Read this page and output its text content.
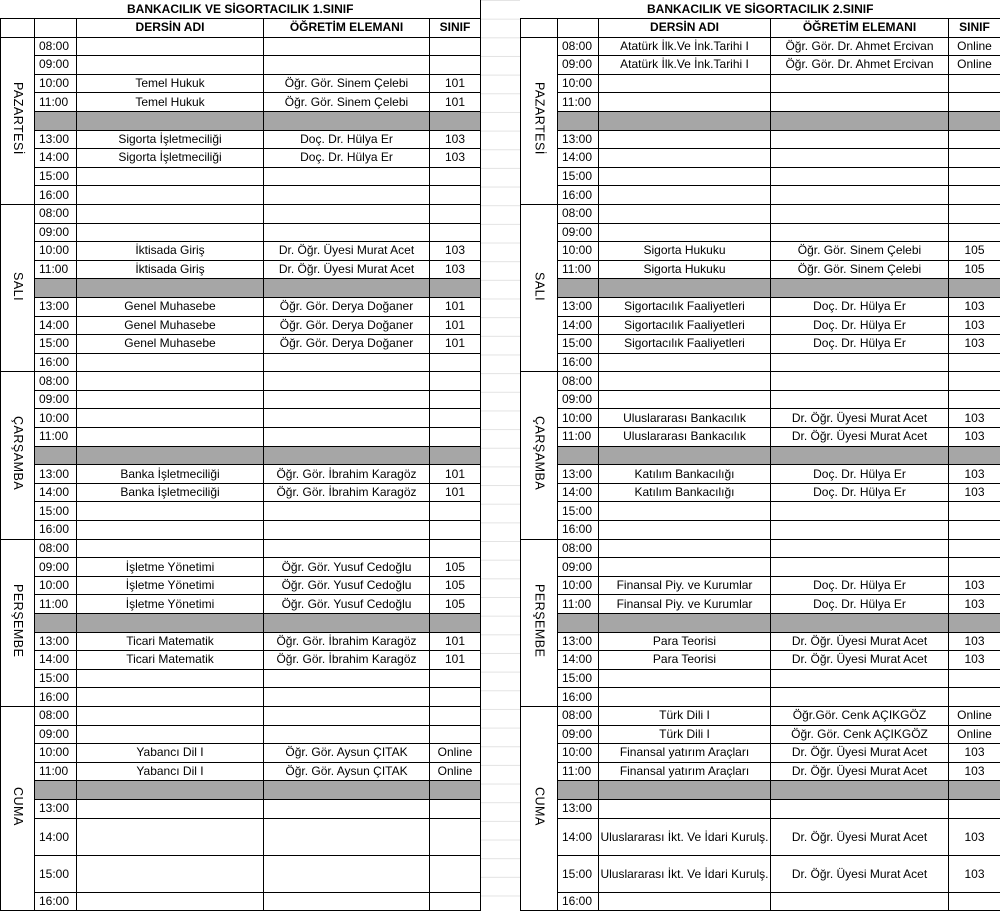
BANKACILIK VE SİGORTACILIK 1.SINIF				
		DERSİN ADI	ÖĞRETİM ELEMANI	SINIF
PAZARTESİ	08:00			
	09:00			
	10:00	Temel Hukuk	Öğr. Gör. Sinem Çelebi	101
	11:00	Temel Hukuk	Öğr. Gör. Sinem Çelebi	101

	13:00	Sigorta İşletmeciliği	Doç. Dr. Hülya Er	103
	14:00	Sigorta İşletmeciliği	Doç. Dr. Hülya Er	103
	15:00			
	16:00			
SALI	08:00			
	09:00			
	10:00	İktisada Giriş	Dr. Öğr. Üyesi Murat Acet	103
	11:00	İktisada Giriş	Dr. Öğr. Üyesi Murat Acet	103

	13:00	Genel Muhasebe	Öğr. Gör. Derya Doğaner	101
	14:00	Genel Muhasebe	Öğr. Gör. Derya Doğaner	101
	15:00	Genel Muhasebe	Öğr. Gör. Derya Doğaner	101
	16:00			
ÇARŞAMBA	08:00			
	09:00			
	10:00			
	11:00			

	13:00	Banka İşletmeciliği	Öğr. Gör. İbrahim Karagöz	101
	14:00	Banka İşletmeciliği	Öğr. Gör. İbrahim Karagöz	101
	15:00			
	16:00			
PERŞEMBE	08:00			
	09:00	İşletme Yönetimi	Öğr. Gör. Yusuf Cedoğlu	105
	10:00	İşletme Yönetimi	Öğr. Gör. Yusuf Cedoğlu	105
	11:00	İşletme Yönetimi	Öğr. Gör. Yusuf Cedoğlu	105

	13:00	Ticari Matematik	Öğr. Gör. İbrahim Karagöz	101
	14:00	Ticari Matematik	Öğr. Gör. İbrahim Karagöz	101
	15:00			
	16:00			
CUMA	08:00			
	09:00			
	10:00	Yabancı Dil I	Öğr. Gör. Aysun ÇITAK	Online
	11:00	Yabancı Dil I	Öğr. Gör. Aysun ÇITAK	Online

	13:00			
	14:00			
	15:00			
	16:00			
BANKACILIK VE SİGORTACILIK 2.SINIF				
		DERSİN ADI	ÖĞRETİM ELEMANI	SINIF
PAZARTESİ	08:00	Atatürk İlk.Ve İnk.Tarihi I	Öğr. Gör. Dr. Ahmet Ercivan	Online
	09:00	Atatürk İlk.Ve İnk.Tarihi I	Öğr. Gör. Dr. Ahmet Ercivan	Online
	10:00			
	11:00			

	13:00			
	14:00			
	15:00			
	16:00			
SALI	08:00			
	09:00			
	10:00	Sigorta Hukuku	Öğr. Gör. Sinem Çelebi	105
	11:00	Sigorta Hukuku	Öğr. Gör. Sinem Çelebi	105

	13:00	Sigortacılık Faaliyetleri	Doç. Dr. Hülya Er	103
	14:00	Sigortacılık Faaliyetleri	Doç. Dr. Hülya Er	103
	15:00	Sigortacılık Faaliyetleri	Doç. Dr. Hülya Er	103
	16:00			
ÇARŞAMBA	08:00			
	09:00			
	10:00	Uluslararası Bankacılık	Dr. Öğr. Üyesi Murat Acet	103
	11:00	Uluslararası Bankacılık	Dr. Öğr. Üyesi Murat Acet	103

	13:00	Katılım Bankacılığı	Doç. Dr. Hülya Er	103
	14:00	Katılım Bankacılığı	Doç. Dr. Hülya Er	103
	15:00			
	16:00			
PERŞEMBE	08:00			
	09:00			
	10:00	Finansal Piy. ve Kurumlar	Doç. Dr. Hülya Er	103
	11:00	Finansal Piy. ve Kurumlar	Doç. Dr. Hülya Er	103

	13:00	Para Teorisi	Dr. Öğr. Üyesi Murat Acet	103
	14:00	Para Teorisi	Dr. Öğr. Üyesi Murat Acet	103
	15:00			
	16:00			
CUMA	08:00	Türk Dili I	Öğr.Gör. Cenk AÇIKGÖZ	Online
	09:00	Türk Dili I	Öğr. Gör. Cenk AÇIKGÖZ	Online
	10:00	Finansal yatırım Araçları	Dr. Öğr. Üyesi Murat Acet	103
	11:00	Finansal yatırım Araçları	Dr. Öğr. Üyesi Murat Acet	103

	13:00			
	14:00	Uluslararası İkt. Ve İdari Kurulş.	Dr. Öğr. Üyesi Murat Acet	103
	15:00	Uluslararası İkt. Ve İdari Kurulş.	Dr. Öğr. Üyesi Murat Acet	103
	16:00			
